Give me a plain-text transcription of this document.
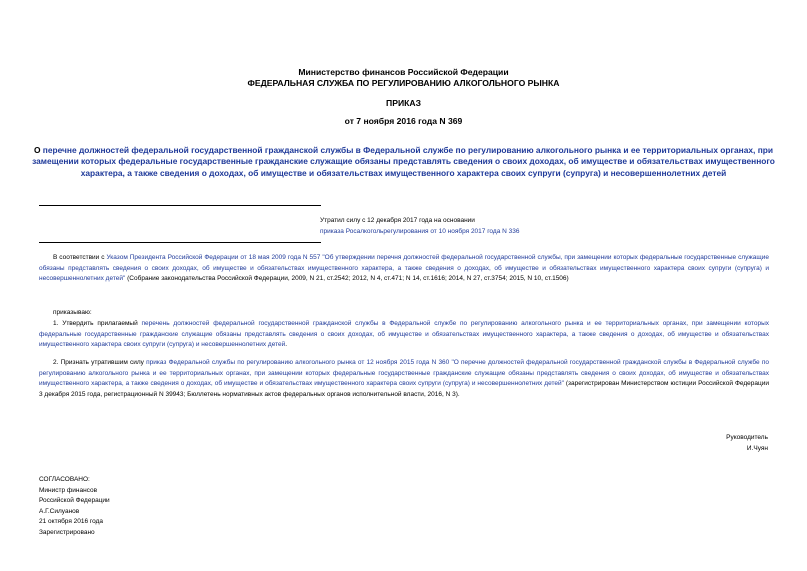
Министерство финансов Российской Федерации
ФЕДЕРАЛЬНАЯ СЛУЖБА ПО РЕГУЛИРОВАНИЮ АЛКОГОЛЬНОГО РЫНКА
ПРИКАЗ
от 7 ноября 2016 года N 369
О перечне должностей федеральной государственной гражданской службы в Федеральной службе по регулированию алкогольного рынка и ее территориальных органах, при замещении которых федеральные государственные гражданские служащие обязаны представлять сведения о своих доходах, об имуществе и обязательствах имущественного характера, а также сведения о доходах, об имуществе и обязательствах имущественного характера своих супруги (супруга) и несовершеннолетних детей
Утратил силу с 12 декабря 2017 года на основании
приказа Росалкогольрегулирования от 10 ноября 2017 года N 336
В соответствии с Указом Президента Российской Федерации от 18 мая 2009 года N 557 "Об утверждении перечня должностей федеральной государственной службы, при замещении которых федеральные государственные служащие обязаны представлять сведения о своих доходах, об имуществе и обязательствах имущественного характера, а также сведения о доходах, об имуществе и обязательствах имущественного характера своих супруги (супруга) и несовершеннолетних детей" (Собрание законодательства Российской Федерации, 2009, N 21, ст.2542; 2012, N 4, ст.471; N 14, ст.1616; 2014, N 27, ст.3754; 2015, N 10, ст.1506)
приказываю:
1. Утвердить прилагаемый перечень должностей федеральной государственной гражданской службы в Федеральной службе по регулированию алкогольного рынка и ее территориальных органах, при замещении которых федеральные государственные гражданские служащие обязаны представлять сведения о своих доходах, об имуществе и обязательствах имущественного характера, а также сведения о доходах, об имуществе и обязательствах имущественного характера своих супруги (супруга) и несовершеннолетних детей.
2. Признать утратившим силу приказ Федеральной службы по регулированию алкогольного рынка от 12 ноября 2015 года N 360 "О перечне должностей федеральной государственной гражданской службы в Федеральной службе по регулированию алкогольного рынка и ее территориальных органах, при замещении которых федеральные государственные гражданские служащие обязаны представлять сведения о своих доходах, об имуществе и обязательствах имущественного характера, а также сведения о доходах, об имуществе и обязательствах имущественного характера своих супруги (супруга) и несовершеннолетних детей" (зарегистрирован Министерством юстиции Российской Федерации 3 декабря 2015 года, регистрационный N 39943; Бюллетень нормативных актов федеральных органов исполнительной власти, 2016, N 3).
Руководитель
И.Чуян
СОГЛАСОВАНО:
Министр финансов
Российской Федерации
А.Г.Силуанов
21 октября 2016 года
Зарегистрировано
